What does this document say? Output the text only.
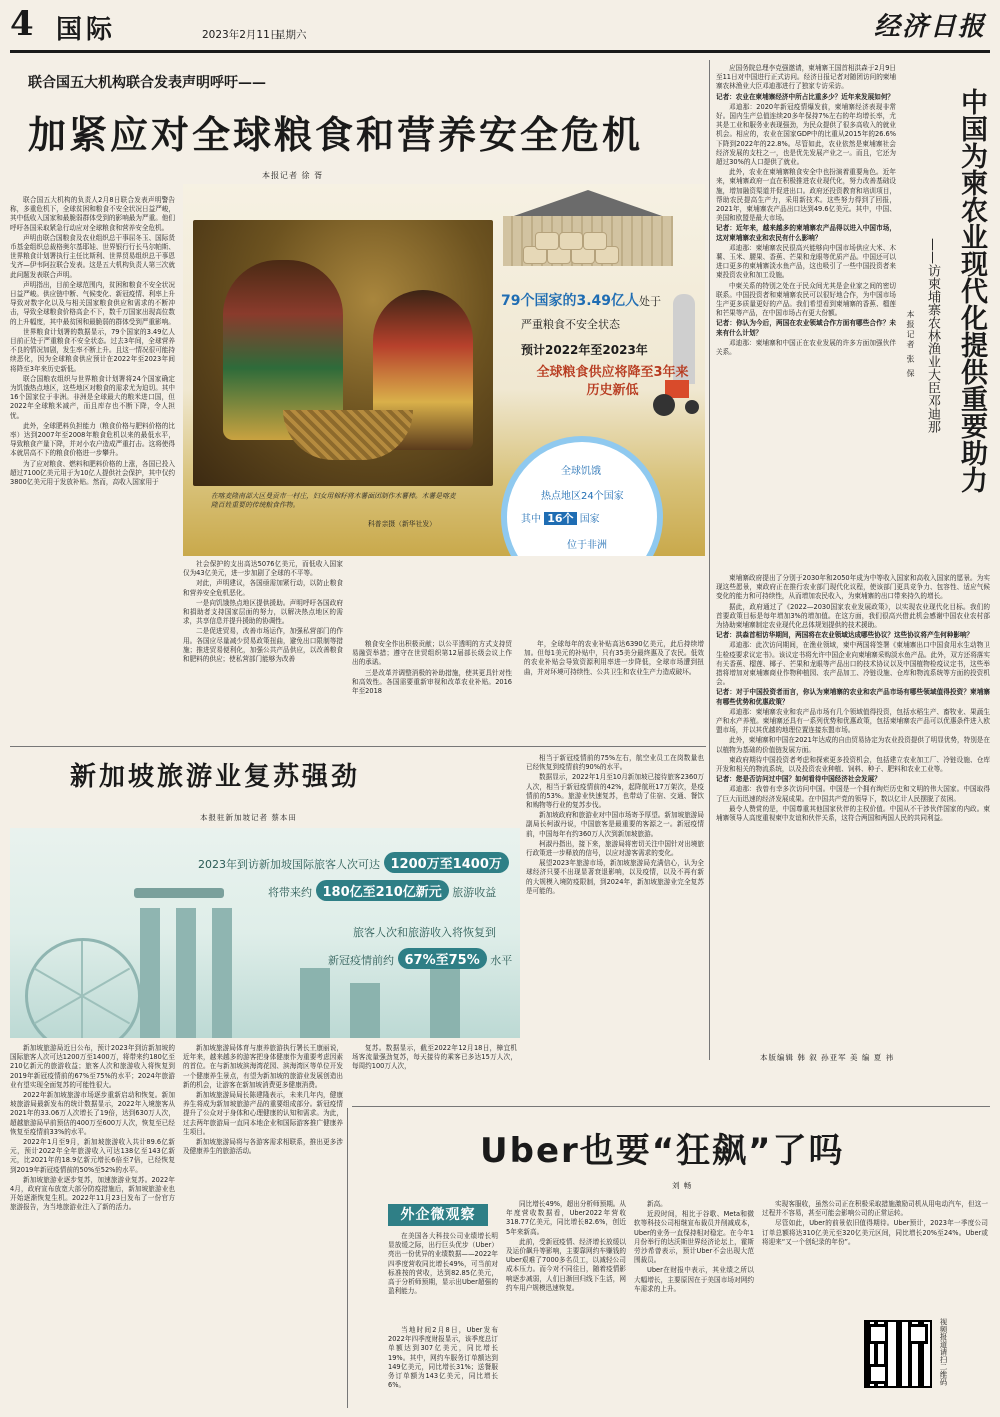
4 国际	2023年2月11日
星期六	经济日报
联合国五大机构联合发表声明呼吁——
加紧应对全球粮食和营养安全危机
本报记者 徐 胥

联合国五大机构的负责人2月8日联合发表声明警告称，多重危机下，全球贫困和粮食不安全状况日益严峻，其中低收入国家和最脆弱群体受到的影响最为严重。他们呼吁各国采取紧急行动应对全球粮食和营养安全危机。

声明由联合国粮食及农业组织总干事屈冬玉、国际货币基金组织总裁格奥尔基耶娃、世界银行行长马尔帕斯、世界粮食计划署执行主任比斯利、世界贸易组织总干事恩戈齐—伊韦阿拉联合发表。这是五大机构负责人第三次就此问题发表联合声明。

声明指出，目前全球范围内，贫困和粮食不安全状况日益严峻。供应链中断、气候变化、新冠疫情、利率上升导致对数字化以及与相关国家粮食供应和需求的不断冲击，导致全球粮食价格高企不下，数千万国家出现高位数的上升幅度，其中最贫困和最脆弱的群体受到严重影响。

世界粮食计划署的数据显示，79个国家的3.49亿人目前正处于严重粮食不安全状态。过去3年间，全球营养不良的情况加剧，发生率不断上升。且这一情况很可能持续恶化，因为全球粮食供应预计在2022年至2023年间将降至3年来历史新低。

联合国粮农组织与世界粮食计划署将24个国家确定为饥饿热点地区，这些地区对粮食的需求尤为迫切。其中16个国家位于非洲。非洲是全球最大的粮米进口国，但2022年全球粮米减产，而且库存也不断下降，令人担忧。

此外，全球肥料负担能力（粮食价格与肥料价格的比率）达到2007年至2008年粮食危机以来的最低水平，导致粮食产量下降，并对小农户造成严重打击。这将使得本就居高不下的粮食价格进一步攀升。

为了应对粮食、燃料和肥料价格的上涨，各国已投入超过7100亿美元用于为10亿人提供社会保护，其中仅约3800亿美元用于发放补贴。然而，高收入国家用于

在喀麦隆南部大区曼贡市一村庄，妇女用棉籽将木薯面团制作木薯棒。木薯是喀麦隆百姓重要的传统粮食作物。
科普亲摄（新华社发）
79个国家的3.49亿人处于
严重粮食不安全状态
预计2022年至2023年
全球粮食供应将降至3年来历史新低
全球饥饿
热点地区24个国家
其中 16个 国家
位于非洲

社会保护的支出高达5076亿美元，而低收入国家仅为43亿美元，进一步加剧了全球的不平等。

对此，声明建议，各国亟需加紧行动，以防止粮食和营养安全危机恶化。

一是向饥饿热点地区提供援助。声明呼吁各国政府和捐助者支持国家层面的努力，以解决热点地区的需求，共享信息并提升援助的协调性。

二是促进贸易，改善市场运作，加强私营部门的作用。各国应尽量减少贸易政策扭曲，避免出口限制等措施；推进贸易便利化，加强公共产品供应，以改善粮食和肥料的供应；使私营部门能够为改善

粮食安全作出积极贡献；以公平透明的方式支持贸易融资举措；遵守在世贸组织第12届部长级会议上作出的承诺。

三是改革并调整消极的补助措施，使其更具针对性和高效性。各国需要重新审视和改革农业补贴。2016年至2018

年，全球每年的农业补贴高达6390亿美元，此后持续增加。但每1美元的补贴中，只有35美分最终惠及了农民。低效的农业补贴会导致资源利用率进一步降低，全球市场遭到扭曲，并对环境可持续性、公共卫生和农业生产力造成破坏。

中国为柬农业现代化提供重要助力
——访柬埔寨农林渔业大臣邓迪那
本报记者 张 保

应国务院总理李克强邀请，柬埔寨王国首相洪森于2月9日至11日对中国进行正式访问。经济日报记者对随团访问的柬埔寨农林渔业大臣邓迪那进行了独家专访采访。

记者：农业在柬埔寨经济中所占比重多少？近年来发展如何？

邓迪那：2020年新冠疫情爆发前，柬埔寨经济表现非常好。国内生产总值连续20多年保持7%左右的年均增长率，尤其是工业和服务业表现强劲，为民众提供了很多高收入的就业机会。相应的，农业在国家GDP中的比重从2015年的26.6%下降到2022年的22.8%。尽管如此，农业依然是柬埔寨社会经济发展的支柱之一，也是优先发展产业之一。而且，它还为超过30%的人口提供了就业。

此外，农业在柬埔寨粮食安全中也扮演着重要角色。近年来，柬埔寨政府一直在积极推进农业现代化，努力改善基础设施，增加融资渠道并促进出口。政府还投资教育和培训项目，帮助农民提高生产力，采用新技术。这些努力得到了回报，2021年，柬埔寨农产品出口达到49.6亿美元。其中，中国、美国和欧盟是最大市场。

记者：近年来，越来越多的柬埔寨农产品得以进入中国市场，这对柬埔寨农业和农民有什么影响？

邓迪那：柬埔寨农民很高兴能够向中国市场供应大米、木薯、玉米、腰果、香蕉、芒果和龙眼等优质产品。中国还可以进口更多的柬埔寨淡水鱼产品，这也吸引了一些中国投资者来柬投资农业和加工设施。

中柬关系的特别之处在于民众间尤其是企业家之间的密切联系。中国投资者和柬埔寨农民可以很好地合作，为中国市场生产更多质量更好的产品。我们希望看到柬埔寨的香蕉、榴莲和芒果等产品，在中国市场占有更大份额。

记者：你认为今后，两国在农业领域合作方面有哪些合作？未来有什么计划？

邓迪那：柬埔寨和中国正在农业发展的许多方面加强伙伴关系。

柬埔寨政府提出了分别于2030年和2050年成为中等收入国家和高收入国家的愿景。为实现这些愿景，柬政府正在推行农业部门现代化议程，使该部门更具竞争力、包容性、适应气候变化的能力和可持续性，从而增加农民收入，为柬埔寨的出口带来持久的增长。

据此，政府通过了《2022—2030国家农业发展政策》，以实现农业现代化目标。我们的首要政策目标是每年增加3%的增加值。在这方面，我们很高兴借此机会感谢中国农业农村部为协助柬埔寨制定农业现代化总体规划提供的技术援助。

记者：洪森首相访华期间，两国将在农业领域达成哪些协议？这些协议将产生何种影响？

邓迪那：此次访问期间，在渔业领域，柬中两国将签署《柬埔寨出口中国食用水生动物卫生检疫要求议定书》。该议定书将允许中国企业向柬埔寨采购淡水鱼产品。此外，双方还将落实有关香蕉、榴莲、椰子、芒果和龙眼等产品出口的技术协议以及中国植物检疫议定书，这些举措将增加对柬埔寨商业作物种植园、农产品加工、冷链设施、仓库和物流系统等方面的投资机会。

记者：对于中国投资者而言，你认为柬埔寨的农业和农产品市场有哪些领域值得投资？柬埔寨有哪些优势和优惠政策？

邓迪那：柬埔寨农业和农产品市场有几个领域值得投资，包括水稻生产、畜牧业、果蔬生产和水产养殖。柬埔寨还具有一系列优势和优惠政策，包括柬埔寨农产品可以优惠条件进入欧盟市场，并以其优越的地理位置连接东盟市场。

此外，柬埔寨和中国在2021年达成的自由贸易协定为农业投资提供了明显优势，特别是在以植物为基础的价值链发展方面。

柬政府期待中国投资者考虑和探索更多投资机会，包括建立农业加工厂、冷链设施、仓库开发和相关的物流系统，以及投资农业种植、饲料、种子、肥料和农业工业等。

记者：您是否访问过中国？如何看待中国经济社会发展？

邓迪那：我曾有幸多次访问中国。中国是一个拥有绚烂历史和文明的伟大国家。中国取得了巨大而迅速的经济发展成果。在中国共产党的领导下，数以亿计人民摆脱了贫困。

最令人赞赏的是，中国尊重其他国家伙伴的主权价值。中国从不干涉伙伴国家的内政。柬埔寨领导人高度重视柬中友谊和伙伴关系，这符合两国和两国人民的共同利益。

本版编辑 韩 叙 孙亚军 美 编 夏 祎
新加坡旅游业复苏强劲
本报驻新加坡记者 蔡本田
2023年到访新加坡国际旅客人次可达 1200万至1400万
将带来约 180亿至210亿新元 旅游收益
旅客人次和旅游收入将恢复到
新冠疫情前约 67%至75% 水平

新加坡旅游局近日公布，预计2023年到访新加坡的国际旅客人次可达1200万至1400万，将带来约180亿至210亿新元的旅游收益；旅客人次和旅游收入将恢复到2019年新冠疫情前的67%至75%的水平；2024年旅游业有望实现全面复苏的可能性很大。

2022年新加坡旅游市场逐步重新启动和恢复。新加坡旅游局最新发布的统计数据显示，2022年入境旅客从2021年的33.06万人次增长了19倍，达到630万人次，超越旅游局早前预估的400万至600万人次，恢复至已经恢复至疫情前33%的水平。

2022年1月至9月，新加坡旅游收入共计89.6亿新元，预计2022年全年旅游收入可达138亿至143亿新元，比2021年的18.9亿新元增长6倍至7倍，已经恢复到2019年新冠疫情前的50%至52%的水平。

新加坡旅游业逐步复苏，加速旅游业复苏。2022年4月，政府宣布放宽大部分防疫措施后，新加坡旅游业也开始逐渐恢复生机。2022年11月23日发布了一份官方旅游报告，为当地旅游业注入了新的活力。

新加坡旅游局体育与康养旅游执行署长王康丽说，近年来，越来越多的游客把身体健康作为重要考虑因素的首位。在与新加坡滨海湾花园、滨海湾区等单位开发一个健康养生景点，有望为新加坡的旅游业发展创造出新的机会，让游客在新加坡消费更多健康消费。

新加坡旅游局局长陈建隆表示，未来几年内，健康养生将成为新加坡旅游产品的重要组成部分。新冠疫情提升了公众对于身体和心理健康的认知和需求。为此，过去两年旅游局一直同本地企业和国际游客推广健康养生项目。

新加坡旅游局将与各游客需求相联系，推出更多涉及健康养生的旅游活动。

复苏。数据显示，截至2022年12月18日，樟宜机场客流量强劲复苏，每天接待的乘客已多达15万人次，每周约100万人次，

相当于新冠疫情前的75%左右，航空业员工在岗数量也已经恢复到疫情前约90%的水平。

数据显示，2022年1月至10月新加坡已接待旅客2360万人次，相当于新冠疫情前的42%，起降航班17万架次，是疫情前的53%。旅游业快速复苏，也带动了住宿、交通、餐饮和购物等行业的复苏步伐。

新加坡政府和旅游业对中国市场寄予厚望。新加坡旅游局副局长柯淑丹说，中国旅客是最重要的客源之一。新冠疫情前，中国每年有约360万人次到新加坡旅游。

柯淑丹指出，接下来，旅游局将密切关注中国针对出境旅行政策进一步释放的信号，以应对游客需求的变化。

展望2023年旅游市场，新加坡旅游局充满信心，认为全球经济只要不出现显著衰退影响，以及疫情，以及不再有新的大规模入境防疫限制，到2024年，新加坡旅游业完全复苏是可能的。

Uber也要“狂飙”了吗
刘 畅
外企微观察

在美国各大科技公司业绩增长明显放缓之际，出行巨头优步（Uber）亮出一份优异的业绩数据——2022年四季度营收同比增长49%，可当前对标准按的营收，达到82.85亿美元，高于分析师预期，显示出Uber超强的盈利能力。

当地时间2月8日，Uber发布2022年四季度财报显示，该季度总订单额达到307亿美元，同比增长19%。其中，网约车服务订单额达到149亿美元，同比增长31%；送餐服务订单额为143亿美元，同比增长6%。

同比增长49%，超出分析师预期。从年度营收数据看，Uber2022年营收318.77亿美元，同比增长82.6%，创近5年来新高。

此前，受新冠疫情、经济增长放缓以及运价飙升等影响，主要靠网约车赚钱的Uber艰难了7000多名员工，以减轻公司成本压力。而今对不同往日，随着疫情影响逐步减弱，人们日渐回归线下生活，网约车用户规模迅速恢复。

新高。

近段时间，相比于谷歌、Meta和微软等科技公司相继宣布裁员并削减成本，Uber的业务一直保持相对稳定。在今年1月份举行的达沃斯世界经济论坛上，霍斯劳沙希曾表示，预计Uber不会出现大范围裁员。

Uber在财报中表示，其业绩之所以大幅增长，主要原因在于美国市场对网约车需求的上升。

实现客服收，虽然公司正在积极采取措施激励司机从用电动汽车，但这一过程并不容易，甚至可能会影响公司的正常运转。

尽管如此，Uber的前景依旧值得期待。Uber预计，2023年一季度公司订单总额将达310亿美元至320亿美元区间，同比增长20%至24%。Uber或将迎来“又一个创纪录的年份”。

视频报道请扫二维码
